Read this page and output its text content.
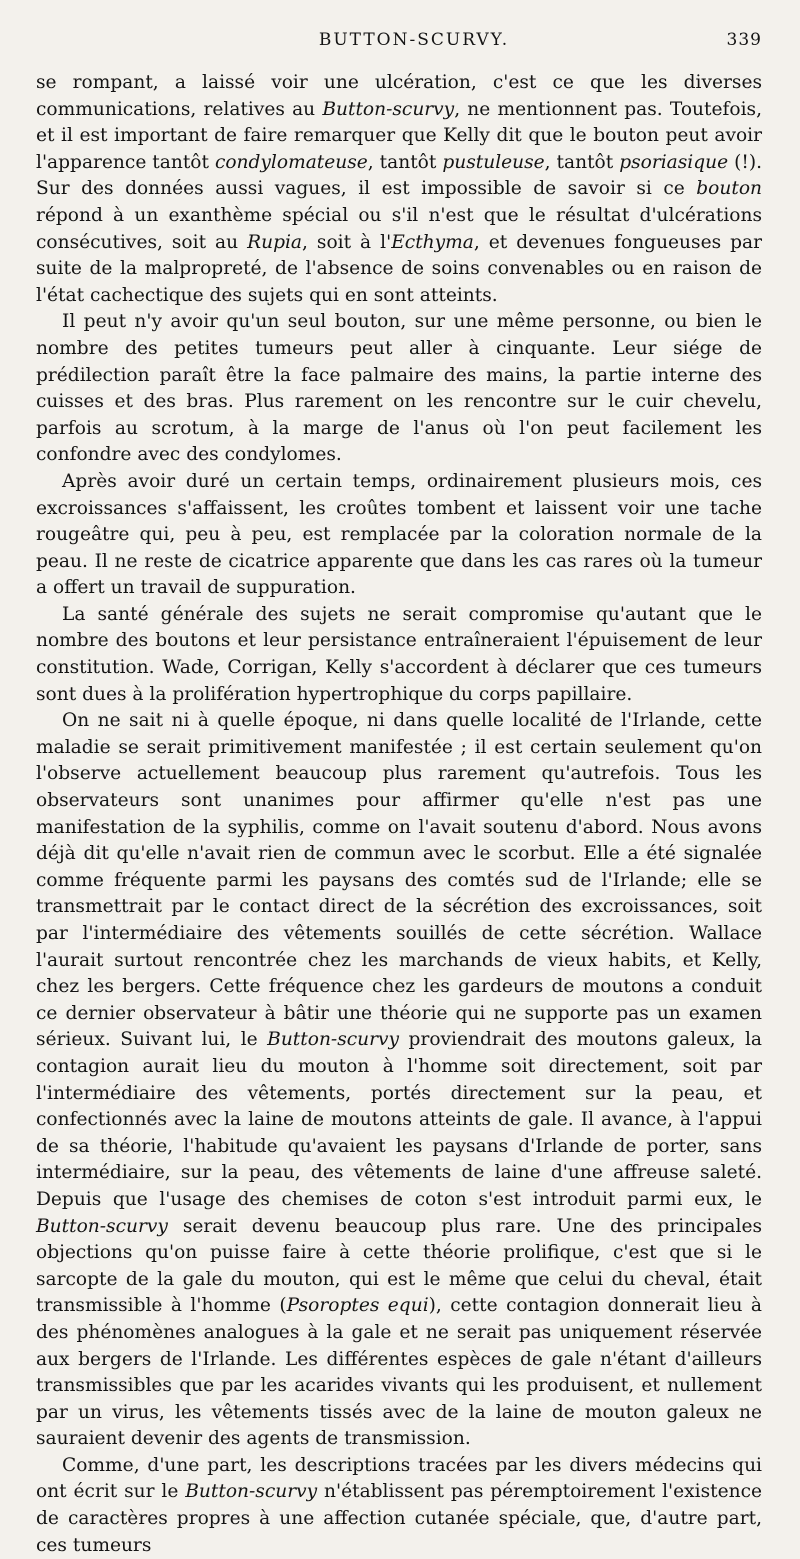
BUTTON-SCURVY.	339

se rompant, a laissé voir une ulcération, c'est ce que les diverses communications, relatives au Button-scurvy, ne mentionnent pas. Toutefois, et il est important de faire remarquer que Kelly dit que le bouton peut avoir l'apparence tantôt condylomateuse, tantôt pustuleuse, tantôt psoriasique (!). Sur des données aussi vagues, il est impossible de savoir si ce bouton répond à un exanthème spécial ou s'il n'est que le résultat d'ulcérations consécutives, soit au Rupia, soit à l'Ecthyma, et devenues fongueuses par suite de la malpropreté, de l'absence de soins convenables ou en raison de l'état cachectique des sujets qui en sont atteints.

Il peut n'y avoir qu'un seul bouton, sur une même personne, ou bien le nombre des petites tumeurs peut aller à cinquante. Leur siége de prédilection paraît être la face palmaire des mains, la partie interne des cuisses et des bras. Plus rarement on les rencontre sur le cuir chevelu, parfois au scrotum, à la marge de l'anus où l'on peut facilement les confondre avec des condylomes.

Après avoir duré un certain temps, ordinairement plusieurs mois, ces excroissances s'affaissent, les croûtes tombent et laissent voir une tache rougeâtre qui, peu à peu, est remplacée par la coloration normale de la peau. Il ne reste de cicatrice apparente que dans les cas rares où la tumeur a offert un travail de suppuration.

La santé générale des sujets ne serait compromise qu'autant que le nombre des boutons et leur persistance entraîneraient l'épuisement de leur constitution. Wade, Corrigan, Kelly s'accordent à déclarer que ces tumeurs sont dues à la prolifération hypertrophique du corps papillaire.

On ne sait ni à quelle époque, ni dans quelle localité de l'Irlande, cette maladie se serait primitivement manifestée ; il est certain seulement qu'on l'observe actuellement beaucoup plus rarement qu'autrefois. Tous les observateurs sont unanimes pour affirmer qu'elle n'est pas une manifestation de la syphilis, comme on l'avait soutenu d'abord. Nous avons déjà dit qu'elle n'avait rien de commun avec le scorbut. Elle a été signalée comme fréquente parmi les paysans des comtés sud de l'Irlande; elle se transmettrait par le contact direct de la sécrétion des excroissances, soit par l'intermédiaire des vêtements souillés de cette sécrétion. Wallace l'aurait surtout rencontrée chez les marchands de vieux habits, et Kelly, chez les bergers. Cette fréquence chez les gardeurs de moutons a conduit ce dernier observateur à bâtir une théorie qui ne supporte pas un examen sérieux. Suivant lui, le Button-scurvy proviendrait des moutons galeux, la contagion aurait lieu du mouton à l'homme soit directement, soit par l'intermédiaire des vêtements, portés directement sur la peau, et confectionnés avec la laine de moutons atteints de gale. Il avance, à l'appui de sa théorie, l'habitude qu'avaient les paysans d'Irlande de porter, sans intermédiaire, sur la peau, des vêtements de laine d'une affreuse saleté. Depuis que l'usage des chemises de coton s'est introduit parmi eux, le Button-scurvy serait devenu beaucoup plus rare. Une des principales objections qu'on puisse faire à cette théorie prolifique, c'est que si le sarcopte de la gale du mouton, qui est le même que celui du cheval, était transmissible à l'homme (Psoroptes equi), cette contagion donnerait lieu à des phénomènes analogues à la gale et ne serait pas uniquement réservée aux bergers de l'Irlande. Les différentes espèces de gale n'étant d'ailleurs transmissibles que par les acarides vivants qui les produisent, et nullement par un virus, les vêtements tissés avec de la laine de mouton galeux ne sauraient devenir des agents de transmission.

Comme, d'une part, les descriptions tracées par les divers médecins qui ont écrit sur le Button-scurvy n'établissent pas péremptoirement l'existence de caractères propres à une affection cutanée spéciale, que, d'autre part, ces tumeurs
